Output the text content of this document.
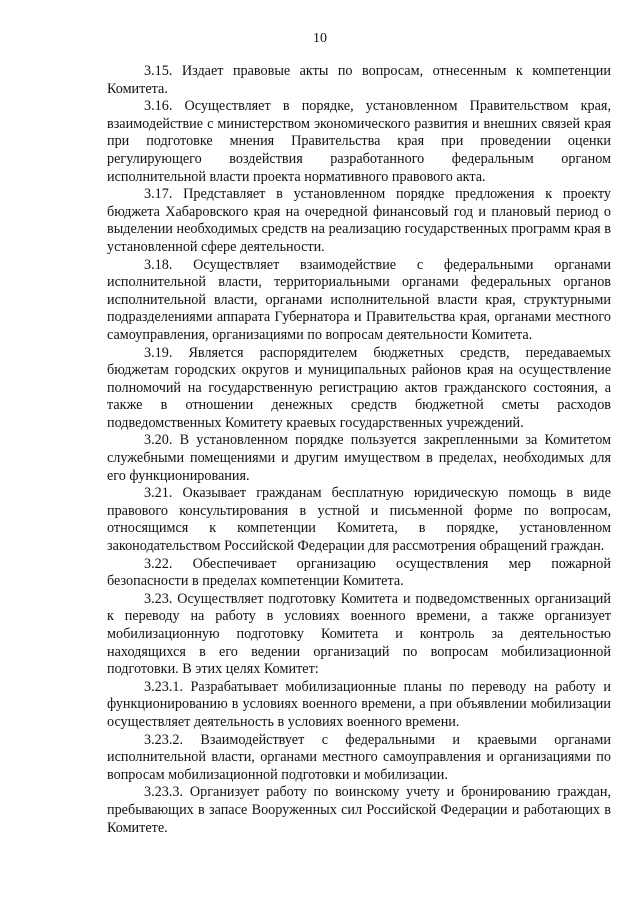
10

3.15. Издает правовые акты по вопросам, отнесенным к компетенции Комитета.

3.16. Осуществляет в порядке, установленном Правительством края, взаимодействие с министерством экономического развития и внешних связей края при подготовке мнения Правительства края при проведении оценки регулирующего воздействия разработанного федеральным органом исполнительной власти проекта нормативного правового акта.

3.17. Представляет в установленном порядке предложения к проекту бюджета Хабаровского края на очередной финансовый год и плановый период о выделении необходимых средств на реализацию государственных программ края в установленной сфере деятельности.

3.18. Осуществляет взаимодействие с федеральными органами исполнительной власти, территориальными органами федеральных органов исполнительной власти, органами исполнительной власти края, структурными подразделениями аппарата Губернатора и Правительства края, органами местного самоуправления, организациями по вопросам деятельности Комитета.

3.19. Является распорядителем бюджетных средств, передаваемых бюджетам городских округов и муниципальных районов края на осуществление полномочий на государственную регистрацию актов гражданского состояния, а также в отношении денежных средств бюджетной сметы расходов подведомственных Комитету краевых государственных учреждений.

3.20. В установленном порядке пользуется закрепленными за Комитетом служебными помещениями и другим имуществом в пределах, необходимых для его функционирования.

3.21. Оказывает гражданам бесплатную юридическую помощь в виде правового консультирования в устной и письменной форме по вопросам, относящимся к компетенции Комитета, в порядке, установленном законодательством Российской Федерации для рассмотрения обращений граждан.

3.22. Обеспечивает организацию осуществления мер пожарной безопасности в пределах компетенции Комитета.

3.23. Осуществляет подготовку Комитета и подведомственных организаций к переводу на работу в условиях военного времени, а также организует мобилизационную подготовку Комитета и контроль за деятельностью находящихся в его ведении организаций по вопросам мобилизационной подготовки. В этих целях Комитет:

3.23.1. Разрабатывает мобилизационные планы по переводу на работу и функционированию в условиях военного времени, а при объявлении мобилизации осуществляет деятельность в условиях военного времени.

3.23.2. Взаимодействует с федеральными и краевыми органами исполнительной власти, органами местного самоуправления и организациями по вопросам мобилизационной подготовки и мобилизации.

3.23.3. Организует работу по воинскому учету и бронированию граждан, пребывающих в запасе Вооруженных сил Российской Федерации и работающих в Комитете.
